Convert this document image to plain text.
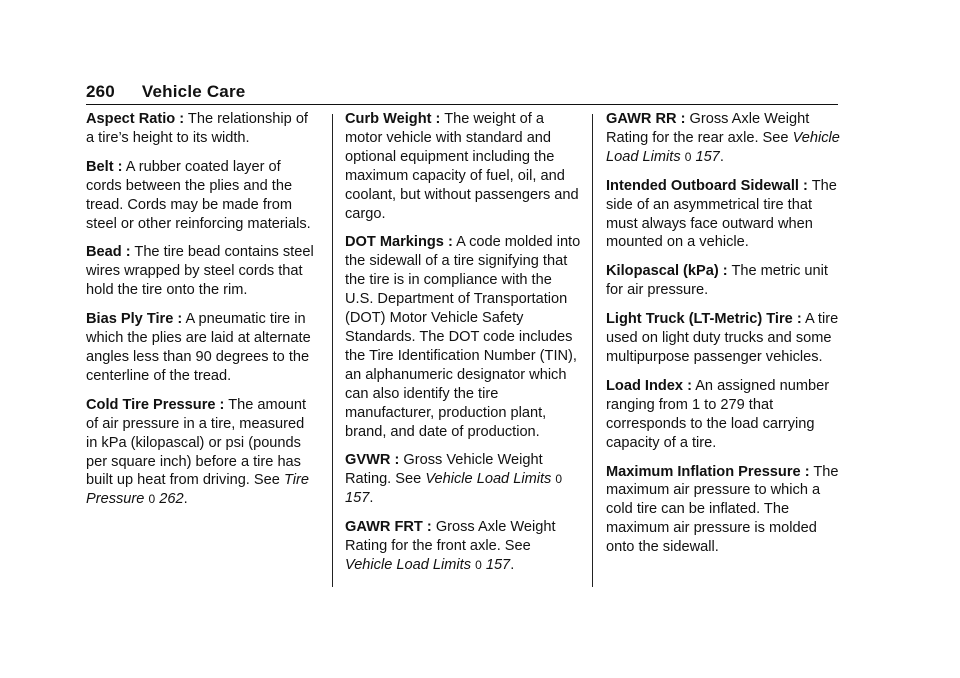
260 Vehicle Care

Aspect Ratio : The relationship of a tire’s height to its width.

Belt : A rubber coated layer of cords between the plies and the tread. Cords may be made from steel or other reinforcing materials.

Bead : The tire bead contains steel wires wrapped by steel cords that hold the tire onto the rim.

Bias Ply Tire : A pneumatic tire in which the plies are laid at alternate angles less than 90 degrees to the centerline of the tread.

Cold Tire Pressure : The amount of air pressure in a tire, measured in kPa (kilopascal) or psi (pounds per square inch) before a tire has built up heat from driving. See Tire Pressure 0 262.

Curb Weight : The weight of a motor vehicle with standard and optional equipment including the maximum capacity of fuel, oil, and coolant, but without passengers and cargo.

DOT Markings : A code molded into the sidewall of a tire signifying that the tire is in compliance with the U.S. Department of Transportation (DOT) Motor Vehicle Safety Standards. The DOT code includes the Tire Identification Number (TIN), an alphanumeric designator which can also identify the tire manufacturer, production plant, brand, and date of production.

GVWR : Gross Vehicle Weight Rating. See Vehicle Load Limits 0 157.

GAWR FRT : Gross Axle Weight Rating for the front axle. See Vehicle Load Limits 0 157.

GAWR RR : Gross Axle Weight Rating for the rear axle. See Vehicle Load Limits 0 157.

Intended Outboard Sidewall : The side of an asymmetrical tire that must always face outward when mounted on a vehicle.

Kilopascal (kPa) : The metric unit for air pressure.

Light Truck (LT-Metric) Tire : A tire used on light duty trucks and some multipurpose passenger vehicles.

Load Index : An assigned number ranging from 1 to 279 that corresponds to the load carrying capacity of a tire.

Maximum Inflation Pressure : The maximum air pressure to which a cold tire can be inflated. The maximum air pressure is molded onto the sidewall.
